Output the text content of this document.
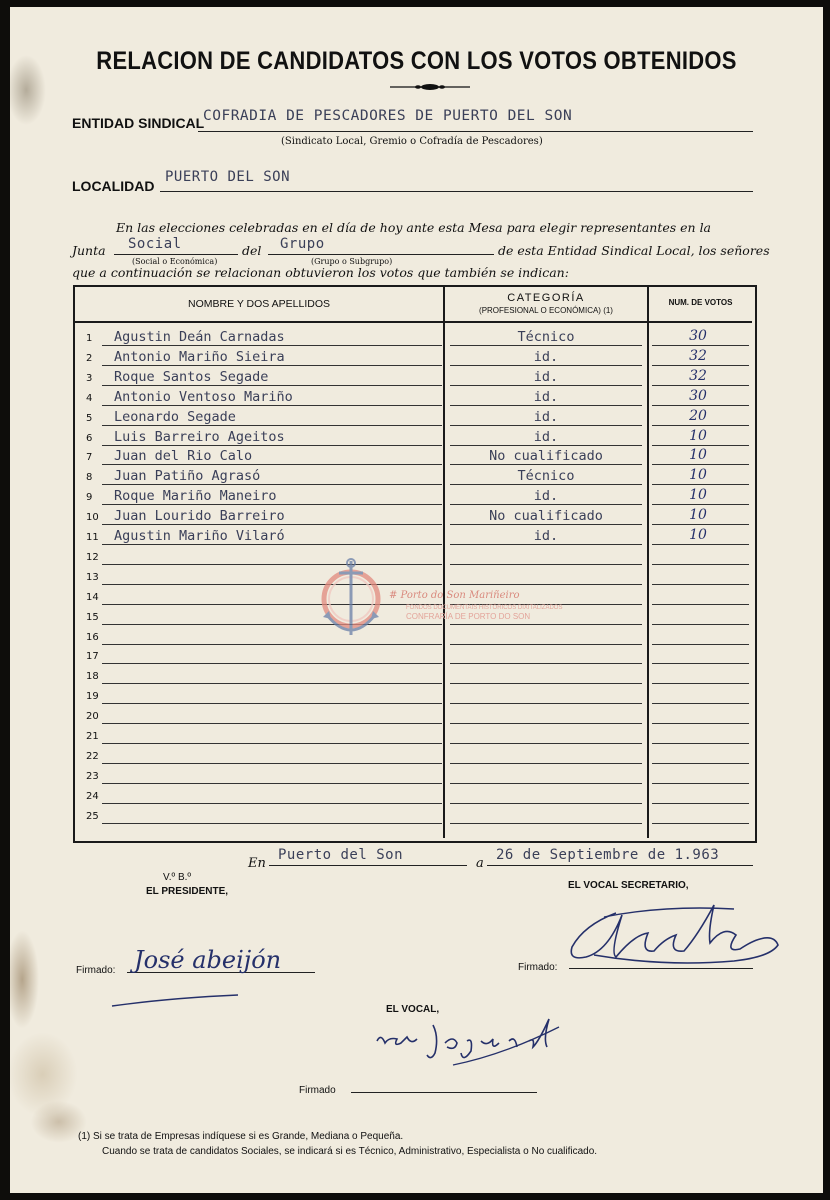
RELACION DE CANDIDATOS CON LOS VOTOS OBTENIDOS
ENTIDAD SINDICAL
COFRADIA DE PESCADORES DE PUERTO DEL SON
(Sindicato Local, Gremio o Cofradía de Pescadores)
LOCALIDAD
PUERTO DEL SON
En las elecciones celebradas en el día de hoy ante esta Mesa para elegir representantes en la
Junta Social
(Social o Económica)
del Grupo
(Grupo o Subgrupo)
de esta Entidad Sindical Local, los señores
que a continuación se relacionan obtuvieron los votos que también se indican:
NOMBRE Y DOS APELLIDOS	CATEGORÍA
(PROFESIONAL O ECONÓMICA) (1)
NUM. DE VOTOS
1	Agustin Deán Carnadas	Técnico	30
2	Antonio Mariño Sieira	id.	32
3	Roque Santos Segade	id.	32
4	Antonio Ventoso Mariño	id.	30
5	Leonardo Segade	id.	20
6	Luis Barreiro Ageitos	id.	10
7	Juan del Rio Calo	No cualificado	10
8	Juan Patiño Agrasó	Técnico	10
9	Roque Mariño Maneiro	id.	10
10	Juan Lourido Barreiro	No cualificado	10
11	Agustin Mariño Vilaró	id.	10
12
13
14
15
16
17
18
19
20
21
22
23
24
25
# Porto do Son Mariñeiro
FONDOS DOCUMENTAIS HISTÓRICOS DIXITALIZADOS
CONFRARÍA DE PORTO DO SON
En
Puerto del Son
a
26 de Septiembre de 1.963
V.º B.º
EL PRESIDENTE,
EL VOCAL SECRETARIO,
Firmado: José abeijón	Firmado:
EL VOCAL,
Firmado
(1) Si se trata de Empresas indíquese si es Grande, Mediana o Pequeña.
Cuando se trata de candidatos Sociales, se indicará si es Técnico, Administrativo, Especialista o No cualificado.
